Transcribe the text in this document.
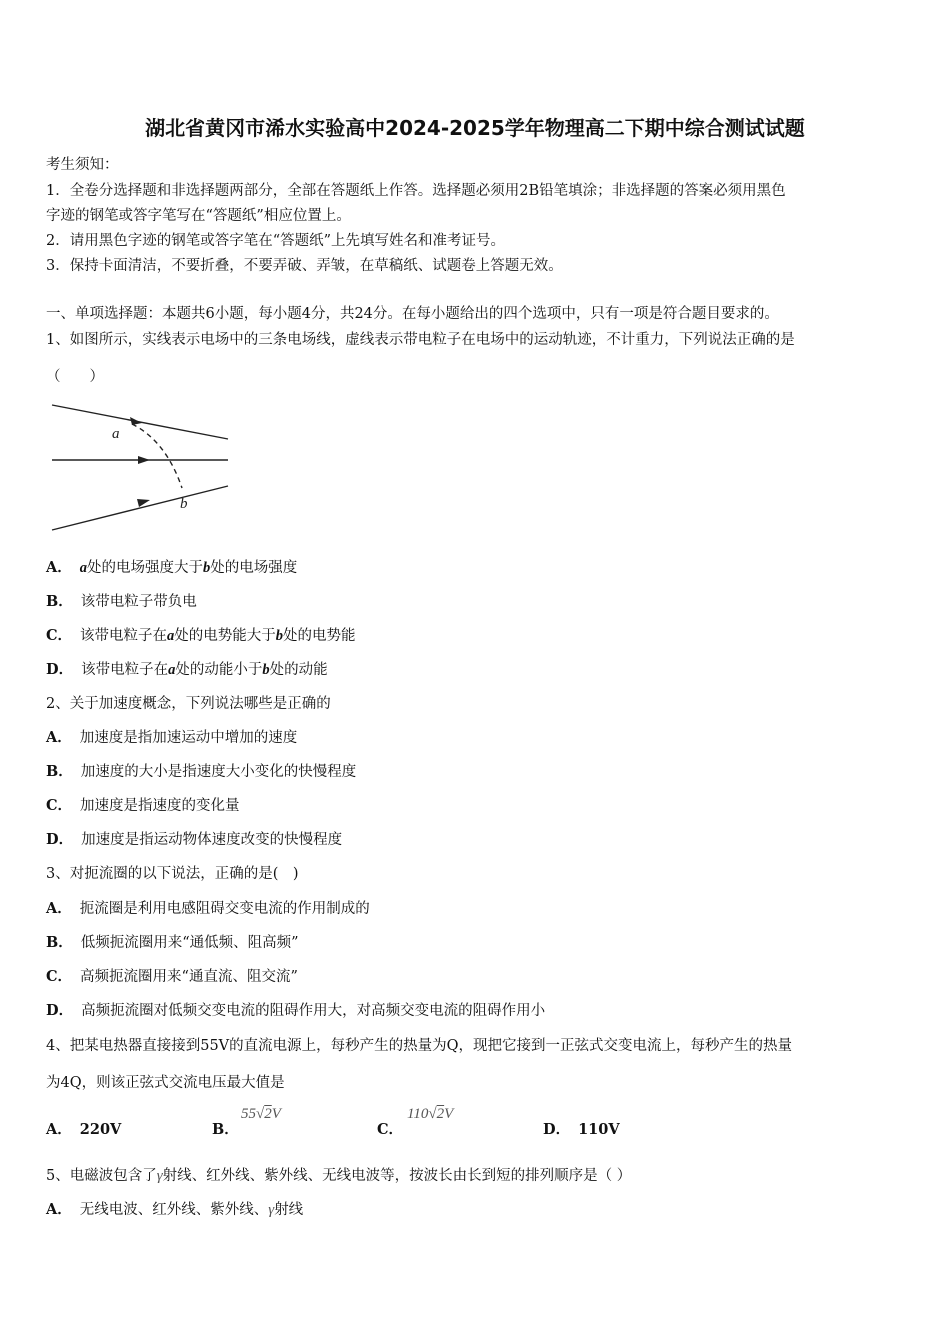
湖北省黄冈市浠水实验高中2024-2025学年物理高二下期中综合测试试题
考生须知：
1．全卷分选择题和非选择题两部分，全部在答题纸上作答。选择题必须用2B铅笔填涂；非选择题的答案必须用黑色
字迹的钢笔或答字笔写在“答题纸”相应位置上。
2．请用黑色字迹的钢笔或答字笔在“答题纸”上先填写姓名和准考证号。
3．保持卡面清洁，不要折叠，不要弄破、弄皱，在草稿纸、试题卷上答题无效。
一、单项选择题：本题共6小题，每小题4分，共24分。在每小题给出的四个选项中，只有一项是符合题目要求的。
1、如图所示，实线表示电场中的三条电场线，虚线表示带电粒子在电场中的运动轨迹，不计重力，下列说法正确的是
（　　）
a
b
A． a处的电场强度大于b处的电场强度
B． 该带电粒子带负电
C． 该带电粒子在a处的电势能大于b处的电势能
D． 该带电粒子在a处的动能小于b处的动能
2、关于加速度概念，下列说法哪些是正确的
A． 加速度是指加速运动中增加的速度
B． 加速度的大小是指速度大小变化的快慢程度
C． 加速度是指速度的变化量
D． 加速度是指运动物体速度改变的快慢程度
3、对扼流圈的以下说法，正确的是(　)
A． 扼流圈是利用电感阻碍交变电流的作用制成的
B． 低频扼流圈用来“通低频、阻高频”
C． 高频扼流圈用来“通直流、阻交流”
D． 高频扼流圈对低频交变电流的阻碍作用大，对高频交变电流的阻碍作用小
4、把某电热器直接接到55V的直流电源上，每秒产生的热量为Q，现把它接到一正弦式交变电流上，每秒产生的热量
为4Q，则该正弦式交流电压最大值是
A． 220V	B．
55√2V
C．
110√2V
D． 110V
5、电磁波包含了γ射线、红外线、紫外线、无线电波等，按波长由长到短的排列顺序是（ ）
A． 无线电波、红外线、紫外线、γ射线
